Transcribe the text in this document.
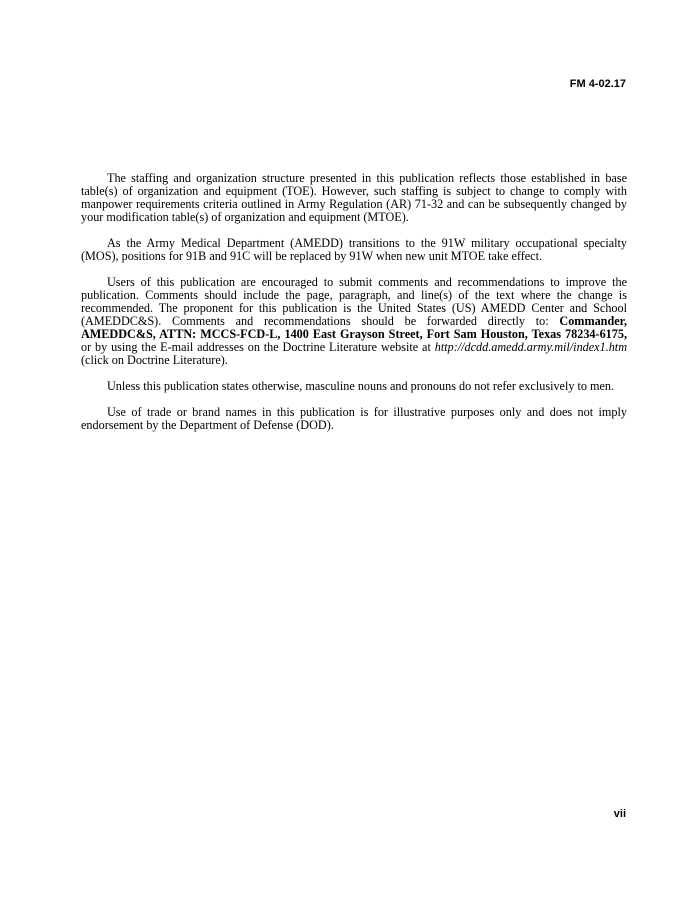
FM 4-02.17

The staffing and organization structure presented in this publication reflects those established in base table(s) of organization and equipment (TOE). However, such staffing is subject to change to comply with manpower requirements criteria outlined in Army Regulation (AR) 71-32 and can be subsequently changed by your modification table(s) of organization and equipment (MTOE).

As the Army Medical Department (AMEDD) transitions to the 91W military occupational specialty (MOS), positions for 91B and 91C will be replaced by 91W when new unit MTOE take effect.

Users of this publication are encouraged to submit comments and recommendations to improve the publication. Comments should include the page, paragraph, and line(s) of the text where the change is recommended. The proponent for this publication is the United States (US) AMEDD Center and School (AMEDDC&S). Comments and recommendations should be forwarded directly to: Commander, AMEDDC&S, ATTN: MCCS-FCD-L, 1400 East Grayson Street, Fort Sam Houston, Texas 78234-6175, or by using the E-mail addresses on the Doctrine Literature website at http://dcdd.amedd.army.mil/index1.htm (click on Doctrine Literature).

Unless this publication states otherwise, masculine nouns and pronouns do not refer exclusively to men.

Use of trade or brand names in this publication is for illustrative purposes only and does not imply endorsement by the Department of Defense (DOD).

vii
